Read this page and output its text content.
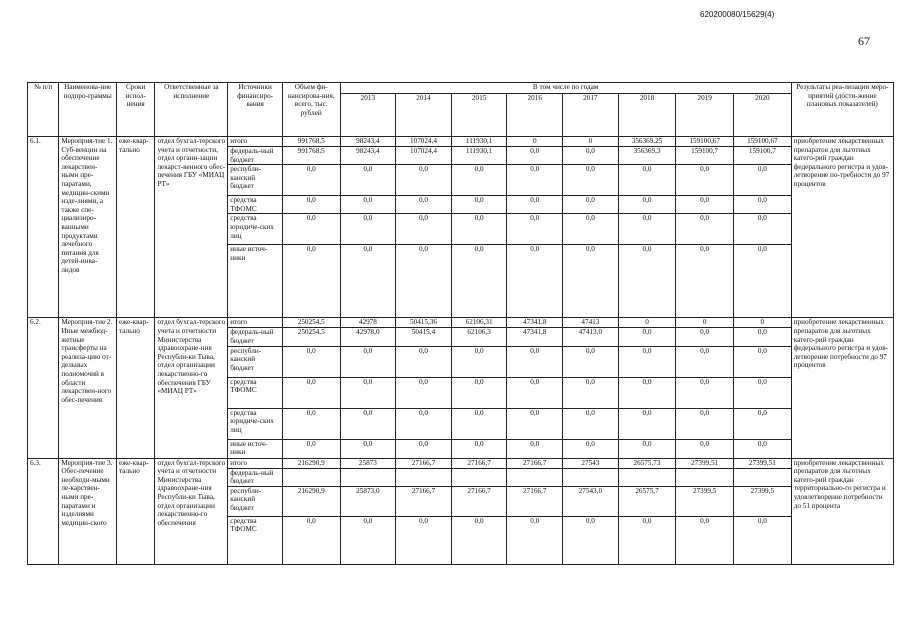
620200080/15629(4)
67
№ п/п	Наименова-ние подпро-граммы	Сроки испол-нения	Ответственные за исполнение	Источники финансиро-вания	Объем фи-нансирова-ния, всего, тыс. рублей	В том числе по годам								Результаты реа-лизации меро-приятий (дости-жение плановых показателей)
						2013	2014	2015	2016	2017	2018	2019	2020	
6.1.	Мероприя-тие 1. Суб-венции на обеспечение лекарствен-ными пре-паратами, медицин-скими изде-лиями, а также спе-циализиро-ванными продуктами лечебного питания для детей-инва-лидов	еже-квар-тально	отдел бухгал-терского учета и отчетности, отдел органи-зации лекарст-венного обес-печения ГБУ «МИАЦ РТ»	итого	991768,5	98243,4	107024,4	111930,1	0	0	356369,25	159100,67	159100,67	приобретение лекарственных препаратов для льготных катего-рий граждан федерального регистра и удов-летворение по-требности до 97 процентов
				федераль-ный бюджет	991768,5	98243,4	107024,4	111930,1	0,0	0,0	356369,3	159100,7	159100,7	
				республи-канский бюджет	0,0	0,0	0,0	0,0	0,0	0,0	0,0	0,0	0,0	
				средства ТФОМС	0,0	0,0	0,0	0,0	0,0	0,0	0,0	0,0	0,0	
				средства юридиче-ских лиц	0,0	0,0	0,0	0,0	0,0	0,0	0,0	0,0	0,0	
				иные источ-ники	0,0	0,0	0,0	0,0	0,0	0,0	0,0	0,0	0,0	
6.2.	Мероприя-тие 2. Иные межбюд-жетные трансферты на реализа-цию от-дельных полномочий в области лекарствен-ного обес-печения	еже-квар-тально	отдел бухгал-терского учета и отчетности Министерства здравоохране-ния Республи-ки Тыва, отдел организации лекарственно-го обеспечения ГБУ «МИАЦ РТ»	итого	250254,5	42978	50415,36	62106,31	47341,8	47413	0	0	0	приобретение лекарственных препаратов для льготных катего-рий граждан федерального регистра и удов-летворение потребности до 97 процентов
				федераль-ный бюджет	250254,5	42978,0	50415,4	62106,3	47341,8	47413,0	0,0	0,0	0,0	
				республи-канский бюджет	0,0	0,0	0,0	0,0	0,0	0,0	0,0	0,0	0,0	
				средства ТФОМС	0,0	0,0	0,0	0,0	0,0	0,0	0,0	0,0	0,0	
				средства юридиче-ских лиц	0,0	0,0	0,0	0,0	0,0	0,0	0,0	0,0	0,0	
				иные источ-ники	0,0	0,0	0,0	0,0	0,0	0,0	0,0	0,0	0,0	
6.3.	Мероприя-тие 3. Обес-печение необходи-мыми ле-карствен-ными пре-паратами и изделиями медицин-ского	еже-квар-тально	отдел бухгал-терского учета и отчетности Министерства здравоохране-ния Республи-ки Тыва, отдел организации лекарственно-го обеспечения	итого	216290,9	25873	27166,7	27166,7	27166,7	27543	26575,73	27399,51	27399,51	приобретение лекарственных препаратов для льготных катего-рий граждан территориально-го регистра и удовлетворение потребности до 51 процента
				федераль-ный бюджет										
				республи-канский бюджет	216290,9	25873,0	27166,7	27166,7	27166,7	27543,0	26575,7	27399,5	27399,5	
				средства ТФОМС	0,0	0,0	0,0	0,0	0,0	0,0	0,0	0,0	0,0	
